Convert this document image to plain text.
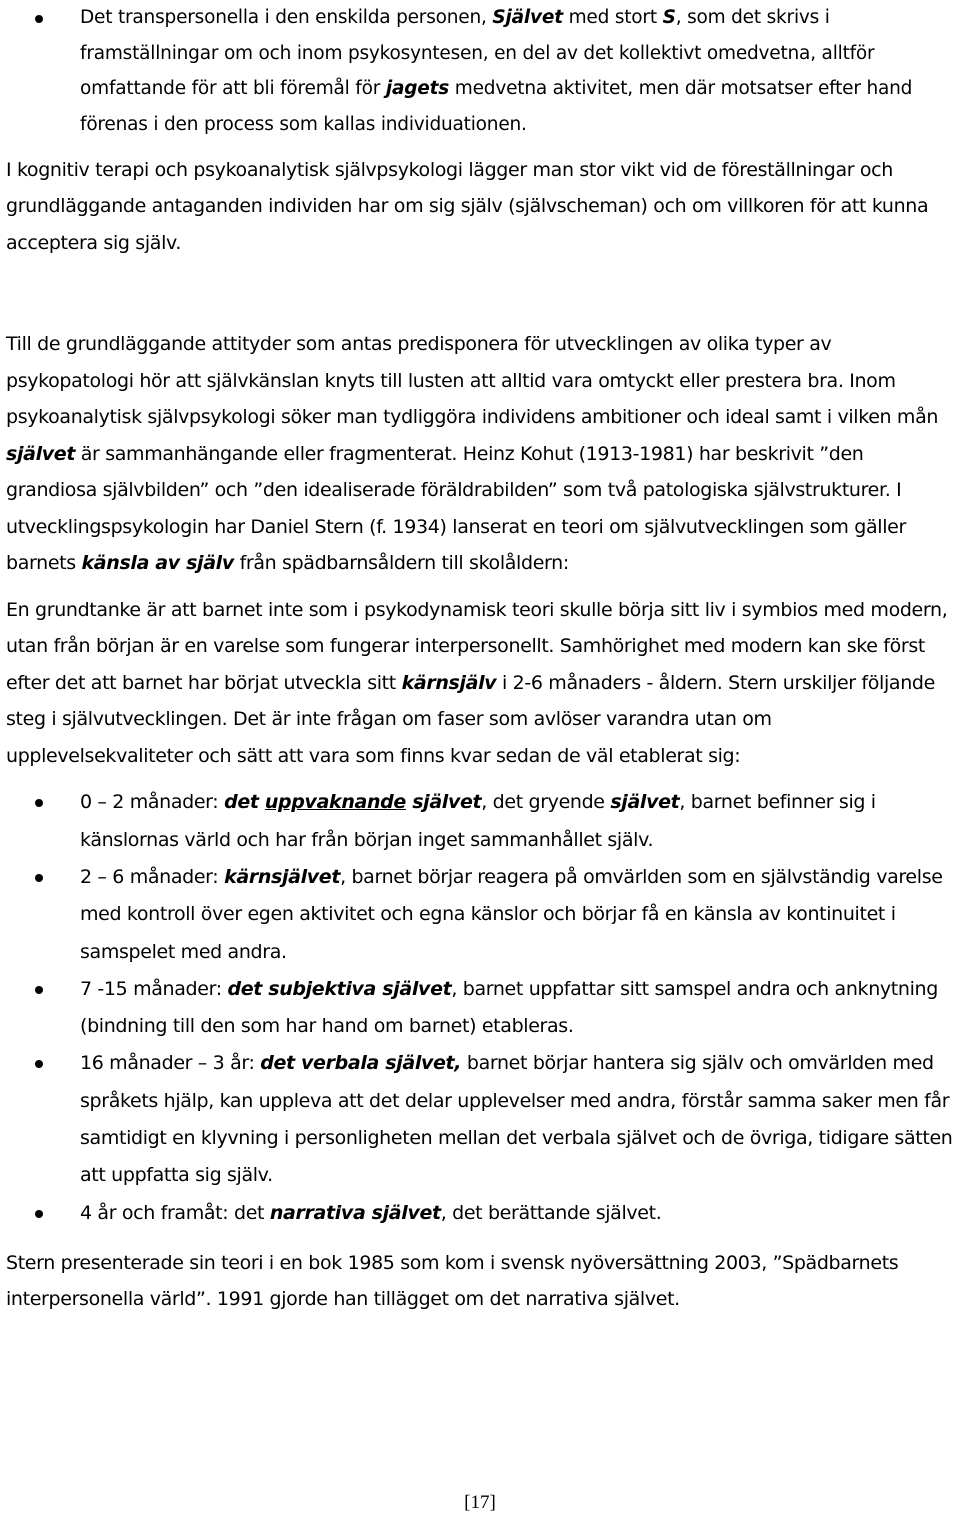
Det transpersonella i den enskilda personen, Självet med stort S, som det skrivs i framställningar om och inom psykosyntesen, en del av det kollektivt omedvetna, alltför omfattande för att bli föremål för jagets medvetna aktivitet, men där motsatser efter hand förenas i den process som kallas individuationen.

I kognitiv terapi och psykoanalytisk självpsykologi lägger man stor vikt vid de föreställningar och grundläggande antaganden individen har om sig själv (självscheman) och om villkoren för att kunna acceptera sig själv.

Till de grundläggande attityder som antas predisponera för utvecklingen av olika typer av psykopatologi hör att självkänslan knyts till lusten att alltid vara omtyckt eller prestera bra. Inom psykoanalytisk självpsykologi söker man tydliggöra individens ambitioner och ideal samt i vilken mån självet är sammanhängande eller fragmenterat. Heinz Kohut (1913-1981) har beskrivit ”den grandiosa självbilden” och ”den idealiserade föräldrabilden” som två patologiska självstrukturer. I utvecklingspsykologin har Daniel Stern (f. 1934) lanserat en teori om självutvecklingen som gäller barnets känsla av själv från spädbarnsåldern till skolåldern:

En grundtanke är att barnet inte som i psykodynamisk teori skulle börja sitt liv i symbios med modern, utan från början är en varelse som fungerar interpersonellt. Samhörighet med modern kan ske först efter det att barnet har börjat utveckla sitt kärnsjälv i 2-6 månaders - åldern. Stern urskiljer följande steg i självutvecklingen. Det är inte frågan om faser som avlöser varandra utan om upplevelsekvaliteter och sätt att vara som finns kvar sedan de väl etablerat sig:

0 – 2 månader: det uppvaknande självet, det gryende självet, barnet befinner sig i känslornas värld och har från början inget sammanhållet själv.
2 – 6 månader: kärnsjälvet, barnet börjar reagera på omvärlden som en självständig varelse med kontroll över egen aktivitet och egna känslor och börjar få en känsla av kontinuitet i samspelet med andra.
7 -15 månader: det subjektiva självet, barnet uppfattar sitt samspel andra och anknytning (bindning till den som har hand om barnet) etableras.
16 månader – 3 år: det verbala självet, barnet börjar hantera sig själv och omvärlden med språkets hjälp, kan uppleva att det delar upplevelser med andra, förstår samma saker men får samtidigt en klyvning i personligheten mellan det verbala självet och de övriga, tidigare sätten att uppfatta sig själv.
4 år och framåt: det narrativa självet, det berättande självet.

Stern presenterade sin teori i en bok 1985 som kom i svensk nyöversättning 2003, ”Spädbarnets interpersonella värld”. 1991 gjorde han tillägget om det narrativa självet.

[17]
